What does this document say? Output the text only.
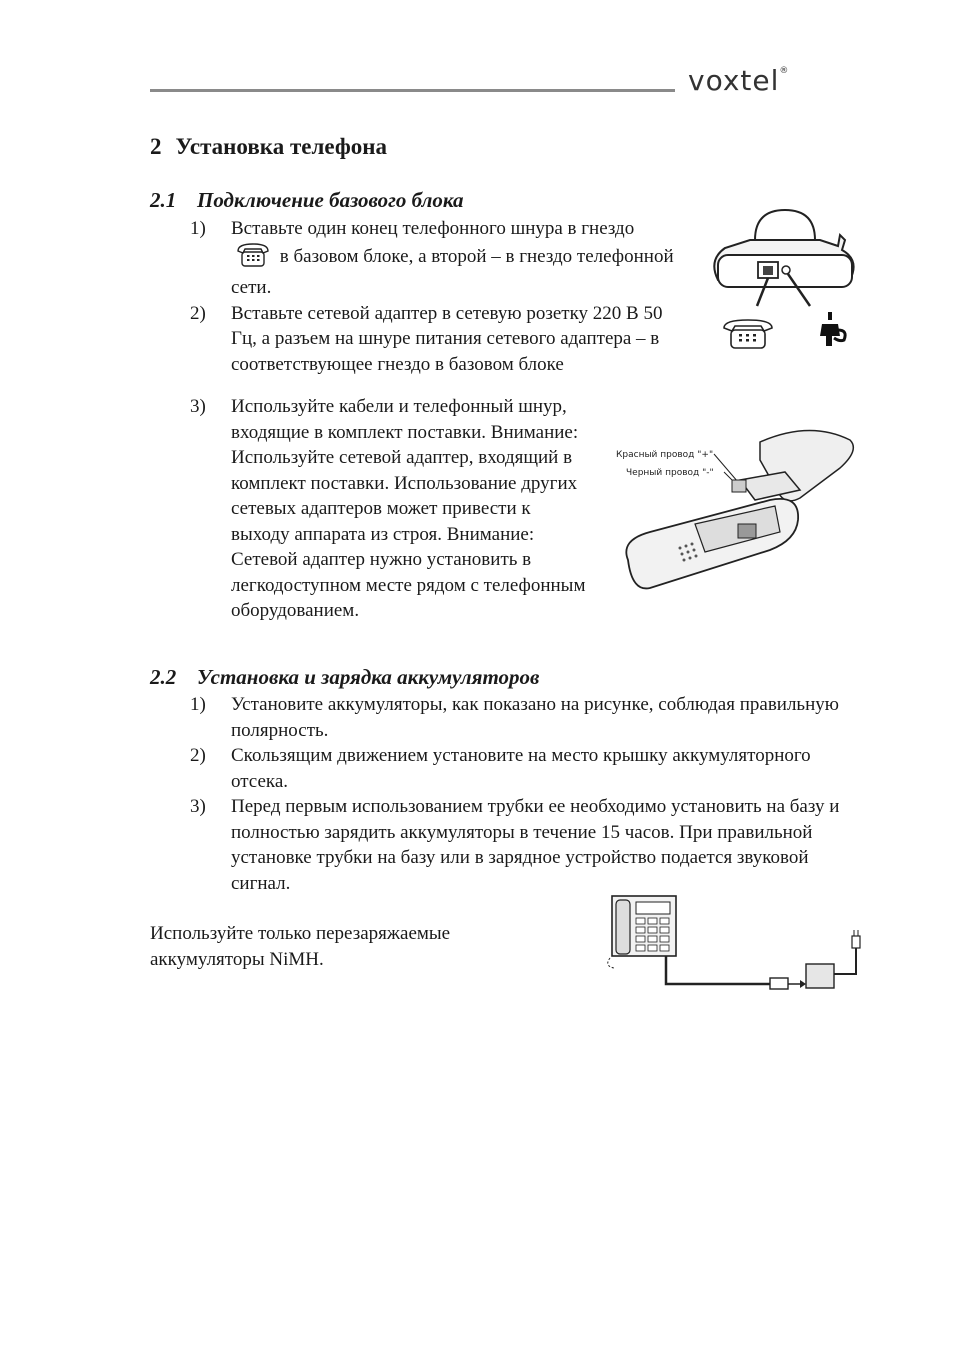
voxtel®
2 Установка телефона
2.1 Подключение базового блока
1) Вставьте один конец телефонного шнура в гнездо  в базовом блоке, а второй – в гнездо телефонной сети.
2) Вставьте сетевой адаптер в сетевую розетку 220 В 50 Гц, а разъем на шнуре питания сетевого адаптера – в соответствующее гнездо в базовом блоке
3) Используйте кабели и телефонный шнур, входящие в комплект поставки. Внимание: Используйте сетевой адаптер, входящий в комплект поставки. Использование других сетевых адаптеров может привести к выходу аппарата из строя. Внимание: Сетевой адаптер нужно установить в легкодоступном месте рядом с телефонным оборудованием.
Красный провод "+"
Черный провод "-"
2.2 Установка и зарядка аккумуляторов
1) Установите аккумуляторы, как показано на рисунке, соблюдая правильную полярность.
2) Скользящим движением установите на место крышку аккумуляторного отсека.
3) Перед первым использованием трубки ее необходимо установить на базу и полностью зарядить аккумуляторы в течение 15 часов. При правильной установке трубки на базу или в зарядное устройство подается звуковой сигнал.
Используйте только перезаряжаемые аккумуляторы NiMH.
